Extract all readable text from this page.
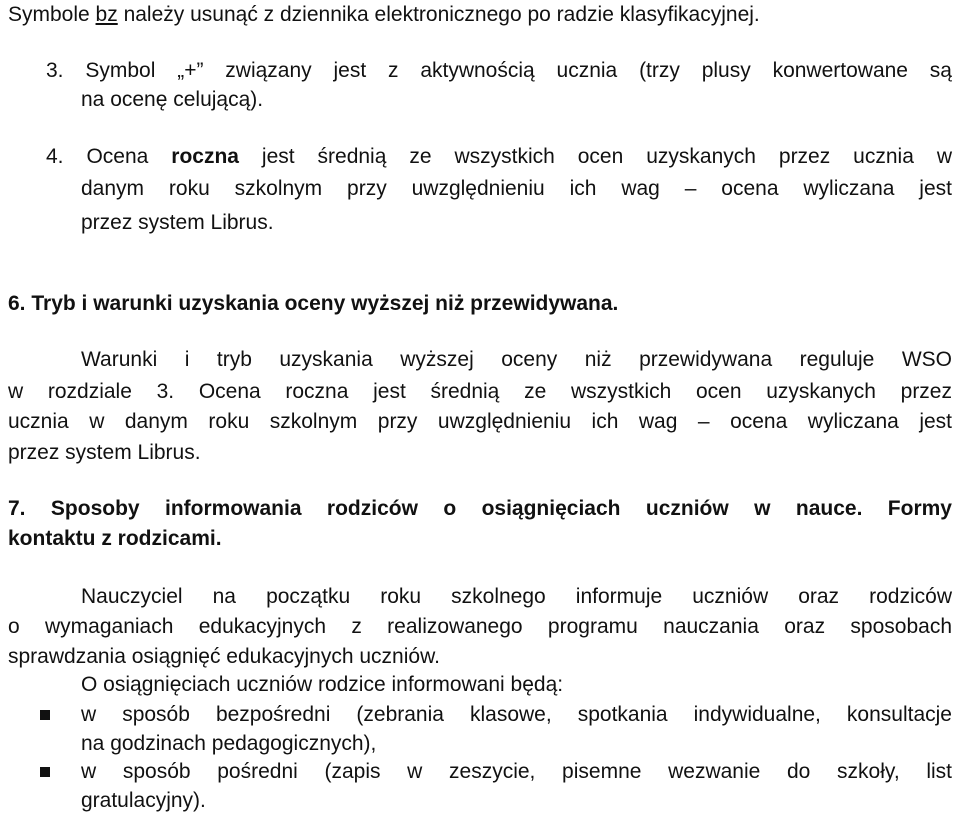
Symbole bz należy usunąć z dziennika elektronicznego po radzie klasyfikacyjnej.
3. Symbol „+” związany jest z aktywnością ucznia (trzy plusy konwertowane są
na ocenę celującą).
4. Ocena roczna jest średnią ze wszystkich ocen uzyskanych przez ucznia w
danym roku szkolnym przy uwzględnieniu ich wag – ocena wyliczana jest
przez system Librus.
6. Tryb i warunki uzyskania oceny wyższej niż przewidywana.
Warunki i tryb uzyskania wyższej oceny niż przewidywana reguluje WSO
w rozdziale 3. Ocena roczna jest średnią ze wszystkich ocen uzyskanych przez
ucznia w danym roku szkolnym przy uwzględnieniu ich wag – ocena wyliczana jest
przez system Librus.
7. Sposoby informowania rodziców o osiągnięciach uczniów w nauce. Formy
kontaktu z rodzicami.
Nauczyciel na początku roku szkolnego informuje uczniów oraz rodziców
o wymaganiach edukacyjnych z realizowanego programu nauczania oraz sposobach
sprawdzania osiągnięć edukacyjnych uczniów.
O osiągnięciach uczniów rodzice informowani będą:
w sposób bezpośredni (zebrania klasowe, spotkania indywidualne, konsultacje
na godzinach pedagogicznych),
w sposób pośredni (zapis w zeszycie, pisemne wezwanie do szkoły, list
gratulacyjny).
